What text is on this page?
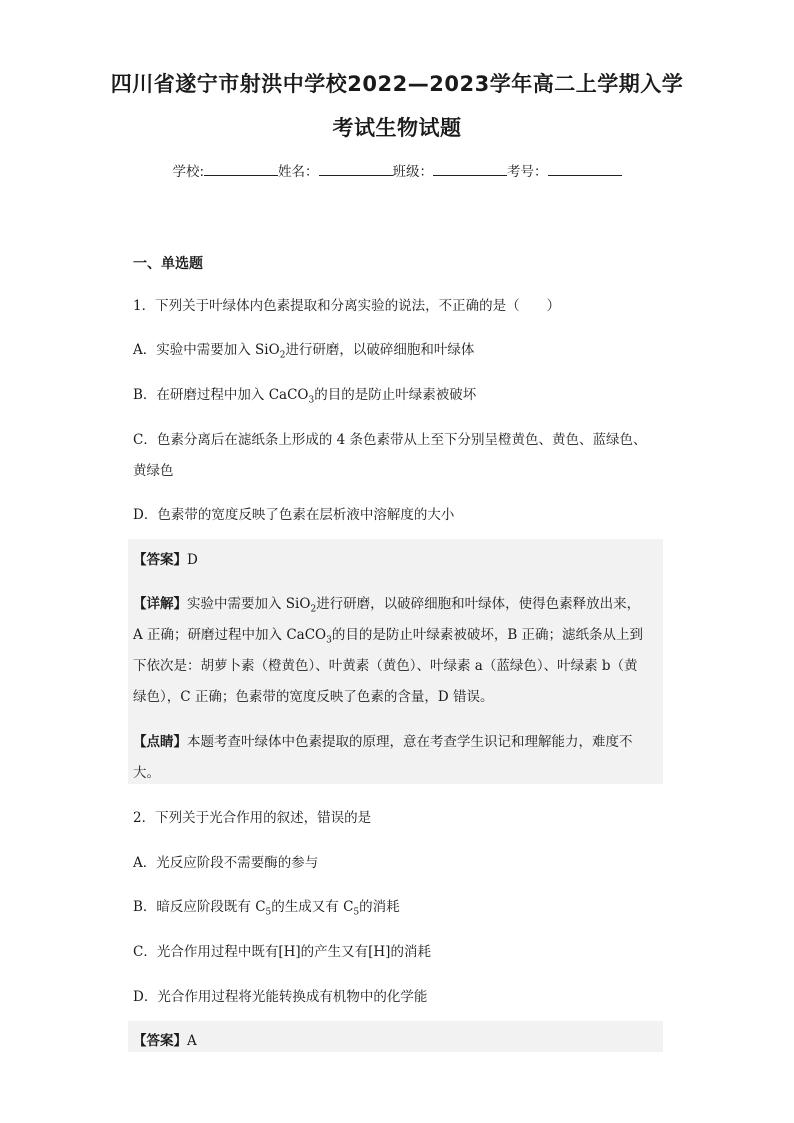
四川省遂宁市射洪中学校2022—2023学年高二上学期入学
考试生物试题
学校:	姓名：	班级：	考号：
一、单选题
1．下列关于叶绿体内色素提取和分离实验的说法，不正确的是（　　）
A．实验中需要加入 SiO$_2$进行研磨，以破碎细胞和叶绿体
B．在研磨过程中加入 CaCO$_3$的目的是防止叶绿素被破坏
C．色素分离后在滤纸条上形成的 4 条色素带从上至下分别呈橙黄色、黄色、蓝绿色、
黄绿色
D．色素带的宽度反映了色素在层析液中溶解度的大小
【答案】D
【详解】实验中需要加入 SiO$_2$进行研磨，以破碎细胞和叶绿体，使得色素释放出来，
A 正确；研磨过程中加入 CaCO$_3$的目的是防止叶绿素被破坏，B 正确；滤纸条从上到
下依次是：胡萝卜素（橙黄色）、叶黄素（黄色）、叶绿素 a（蓝绿色）、叶绿素 b（黄
绿色），C 正确；色素带的宽度反映了色素的含量，D 错误。
【点睛】本题考查叶绿体中色素提取的原理，意在考查学生识记和理解能力，难度不
大。
2．下列关于光合作用的叙述，错误的是
A．光反应阶段不需要酶的参与
B．暗反应阶段既有 $C_5$的生成又有 $C_5$的消耗
C．光合作用过程中既有[H]的产生又有[H]的消耗
D．光合作用过程将光能转换成有机物中的化学能
【答案】A
